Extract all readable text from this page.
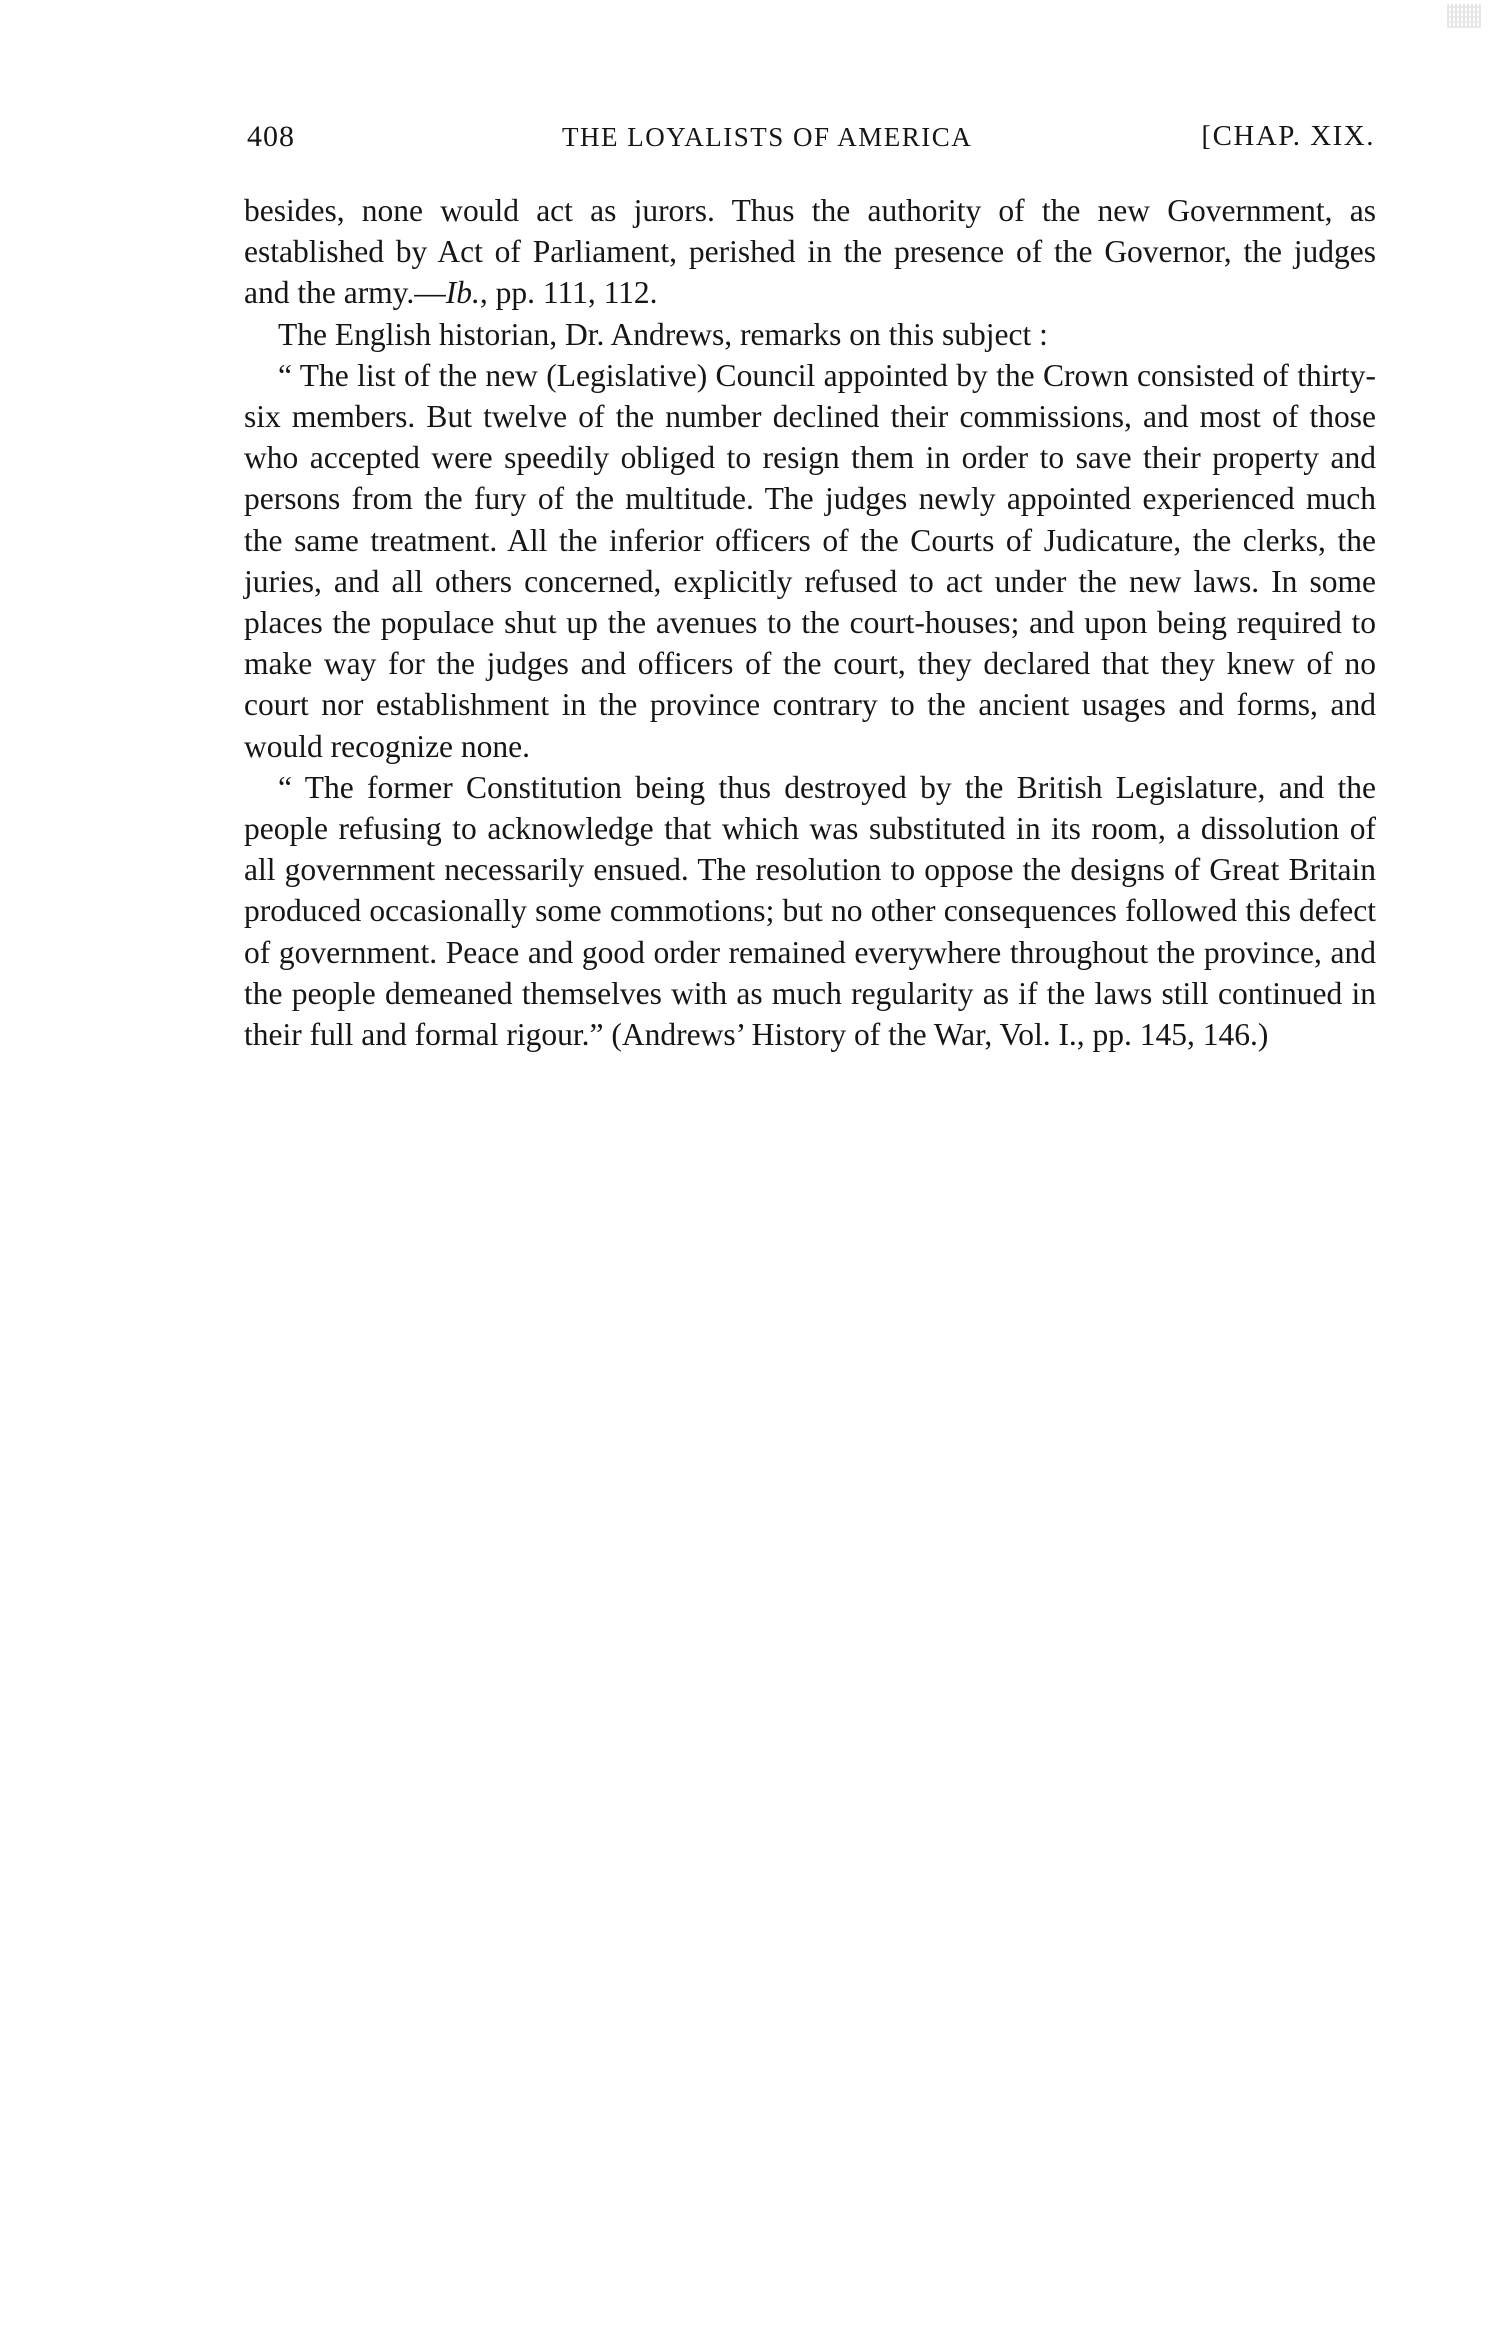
408	THE LOYALISTS OF AMERICA	[CHAP. XIX.

besides, none would act as jurors. Thus the authority of the new Government, as established by Act of Parliament, perished in the presence of the Governor, the judges and the army.—Ib., pp. 111, 112.

The English historian, Dr. Andrews, remarks on this subject :

“ The list of the new (Legislative) Council appointed by the Crown consisted of thirty-six members. But twelve of the number declined their commissions, and most of those who accepted were speedily obliged to resign them in order to save their property and persons from the fury of the multitude. The judges newly appointed experienced much the same treatment. All the inferior officers of the Courts of Judicature, the clerks, the juries, and all others concerned, explicitly refused to act under the new laws. In some places the populace shut up the avenues to the court-houses; and upon being required to make way for the judges and officers of the court, they declared that they knew of no court nor establishment in the province contrary to the ancient usages and forms, and would recognize none.

“ The former Constitution being thus destroyed by the British Legislature, and the people refusing to acknowledge that which was substituted in its room, a dissolution of all government necessarily ensued. The resolution to oppose the designs of Great Britain produced occasionally some commotions; but no other consequences followed this defect of government. Peace and good order remained everywhere throughout the province, and the people demeaned themselves with as much regularity as if the laws still continued in their full and formal rigour.” (Andrews’ History of the War, Vol. I., pp. 145, 146.)
